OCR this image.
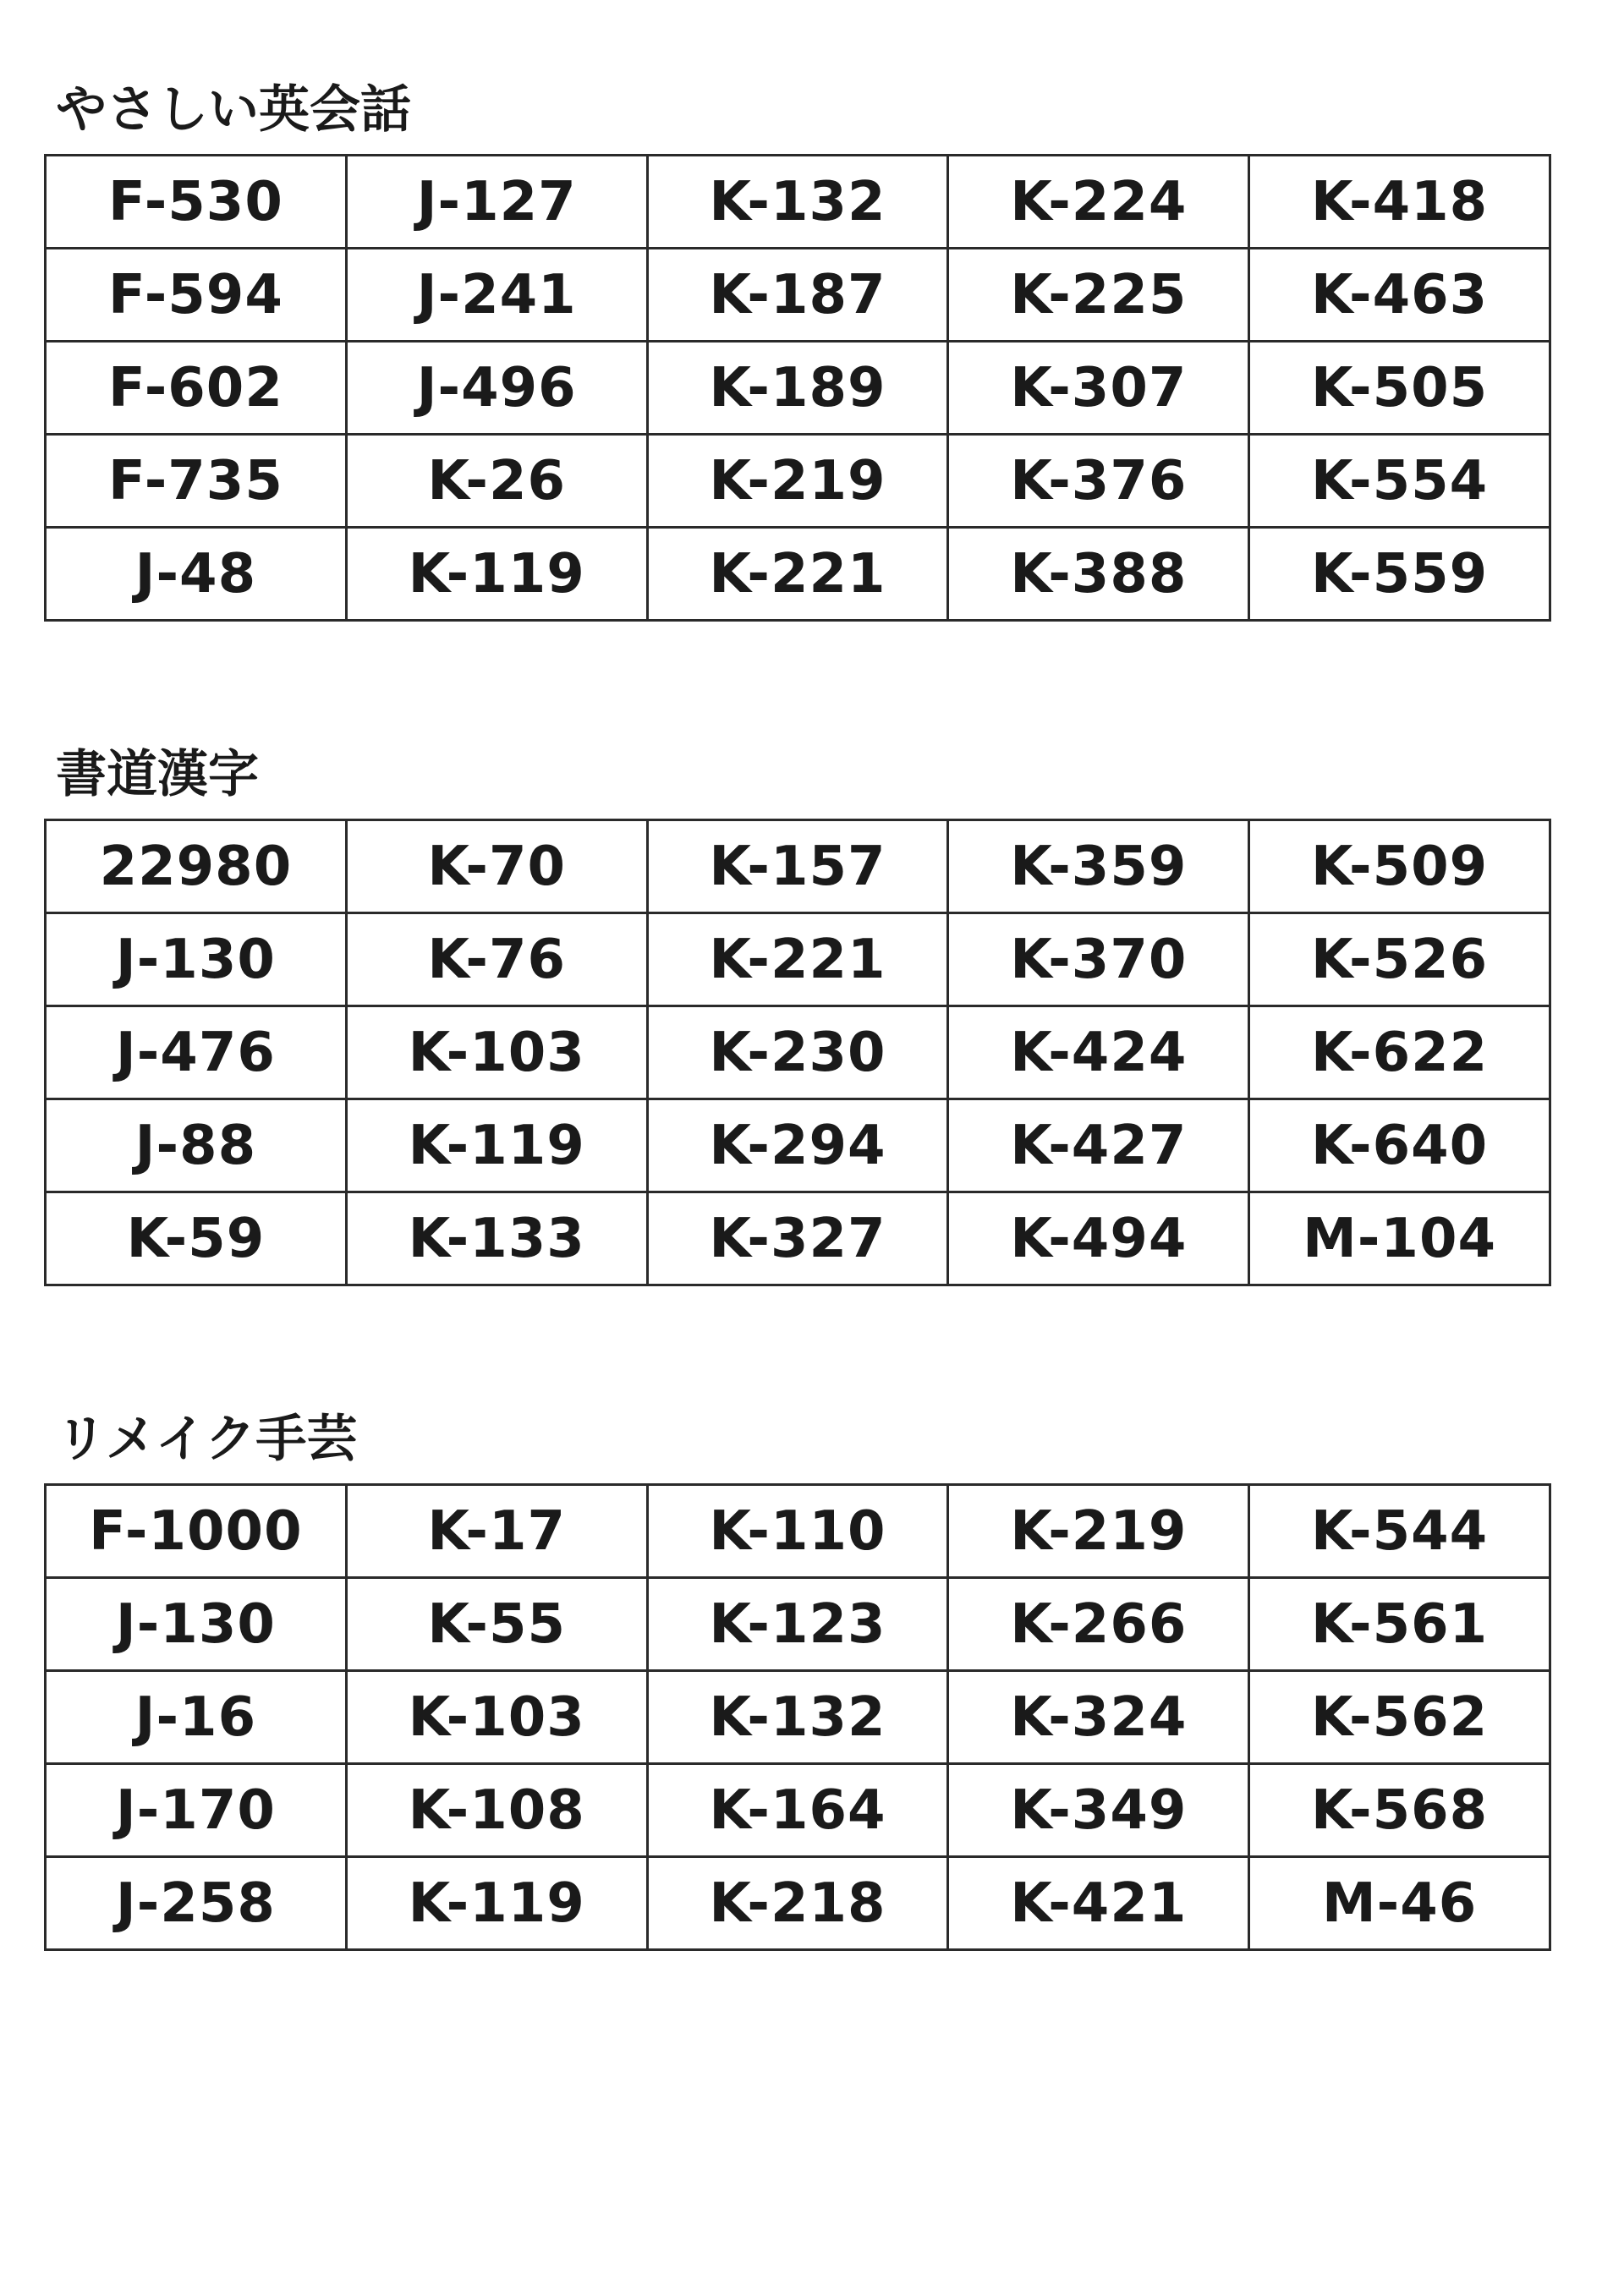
やさしい英会話
F-530	J-127	K-132	K-224	K-418
F-594	J-241	K-187	K-225	K-463
F-602	J-496	K-189	K-307	K-505
F-735	K-26	K-219	K-376	K-554
J-48	K-119	K-221	K-388	K-559
書道漢字
22980	K-70	K-157	K-359	K-509
J-130	K-76	K-221	K-370	K-526
J-476	K-103	K-230	K-424	K-622
J-88	K-119	K-294	K-427	K-640
K-59	K-133	K-327	K-494	M-104
リメイク手芸
F-1000	K-17	K-110	K-219	K-544
J-130	K-55	K-123	K-266	K-561
J-16	K-103	K-132	K-324	K-562
J-170	K-108	K-164	K-349	K-568
J-258	K-119	K-218	K-421	M-46
